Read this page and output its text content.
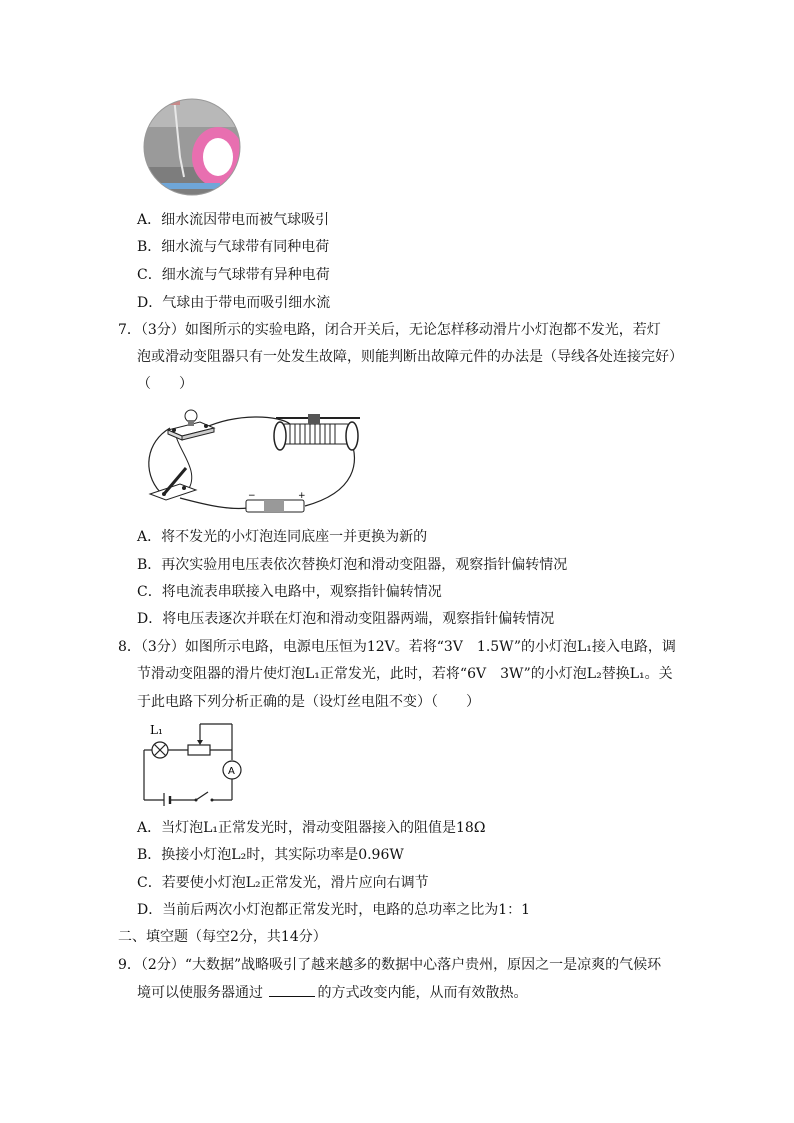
A．细水流因带电而被气球吸引
B．细水流与气球带有同种电荷
C．细水流与气球带有异种电荷
D．气球由于带电而吸引细水流
7．（3分）如图所示的实验电路，闭合开关后，无论怎样移动滑片小灯泡都不发光，若灯
泡或滑动变阻器只有一处发生故障，则能判断出故障元件的办法是（导线各处连接完好）
（　　）
−	+
A．将不发光的小灯泡连同底座一并更换为新的
B．再次实验用电压表依次替换灯泡和滑动变阻器，观察指针偏转情况
C．将电流表串联接入电路中，观察指针偏转情况
D．将电压表逐次并联在灯泡和滑动变阻器两端，观察指针偏转情况
8．（3分）如图所示电路，电源电压恒为12V。若将“3V　1.5W”的小灯泡L₁接入电路，调
节滑动变阻器的滑片使灯泡L₁正常发光，此时，若将“6V　3W”的小灯泡L₂替换L₁。关
于此电路下列分析正确的是（设灯丝电阻不变）（　　）
L₁
A
A．当灯泡L₁正常发光时，滑动变阻器接入的阻值是18Ω
B．换接小灯泡L₂时，其实际功率是0.96W
C．若要使小灯泡L₂正常发光，滑片应向右调节
D．当前后两次小灯泡都正常发光时，电路的总功率之比为1：1
二、填空题（每空2分，共14分）
9．（2分）“大数据”战略吸引了越来越多的数据中心落户贵州，原因之一是凉爽的气候环
境可以使服务器通过	的方式改变内能，从而有效散热。
